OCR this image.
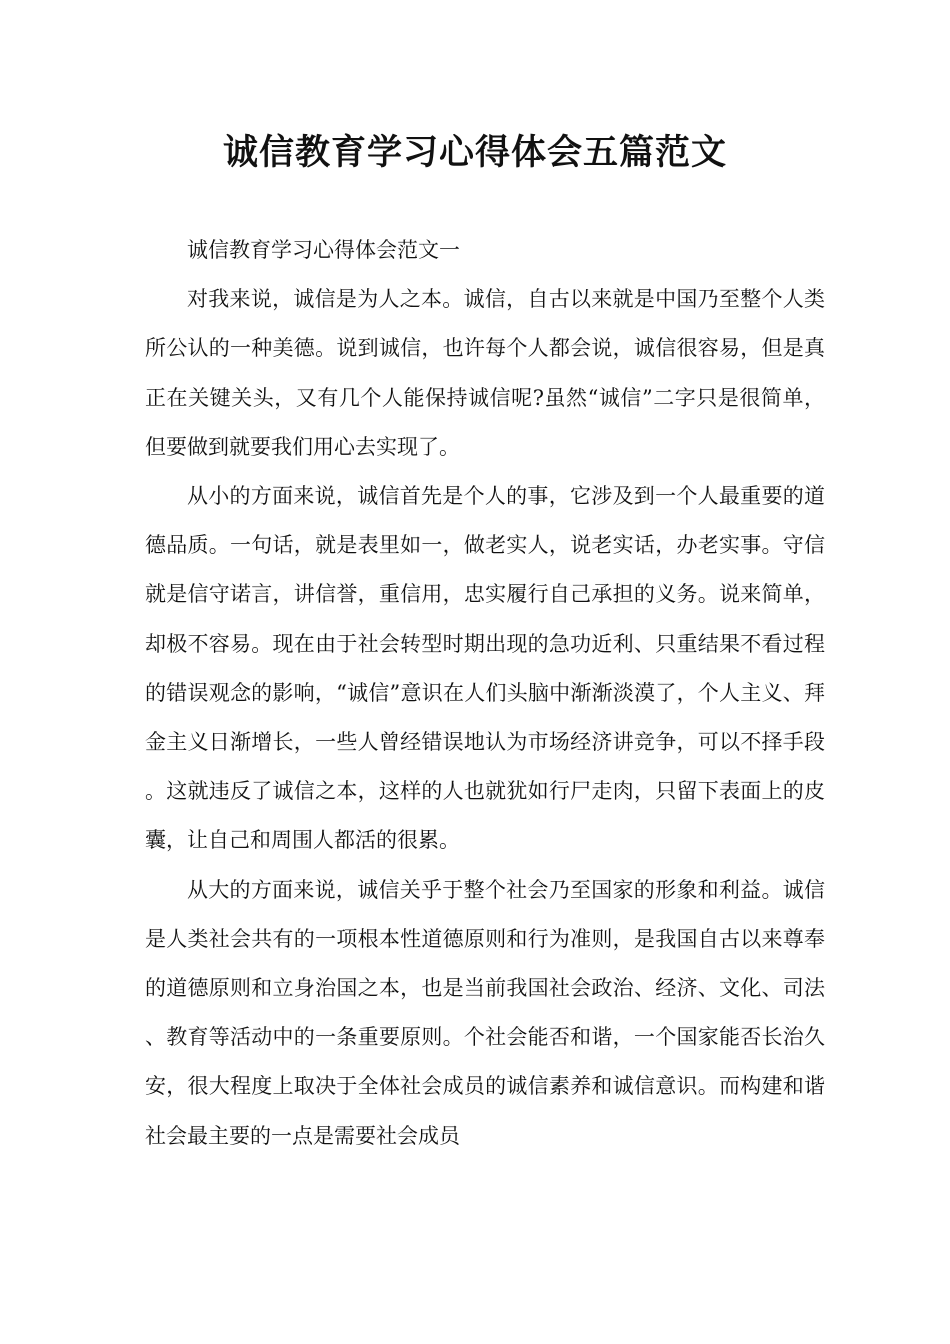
诚信教育学习心得体会五篇范文

诚信教育学习心得体会范文一

对我来说，诚信是为人之本。诚信，自古以来就是中国乃至整个人类所公认的一种美德。说到诚信，也许每个人都会说，诚信很容易，但是真正在关键关头，又有几个人能保持诚信呢?虽然“诚信”二字只是很简单，但要做到就要我们用心去实现了。

从小的方面来说，诚信首先是个人的事，它涉及到一个人最重要的道德品质。一句话，就是表里如一，做老实人，说老实话，办老实事。守信就是信守诺言，讲信誉，重信用，忠实履行自己承担的义务。说来简单，却极不容易。现在由于社会转型时期出现的急功近利、只重结果不看过程的错误观念的影响，“诚信”意识在人们头脑中渐渐淡漠了，个人主义、拜金主义日渐增长，一些人曾经错误地认为市场经济讲竞争，可以不择手段。这就违反了诚信之本，这样的人也就犹如行尸走肉，只留下表面上的皮囊，让自己和周围人都活的很累。

从大的方面来说，诚信关乎于整个社会乃至国家的形象和利益。诚信是人类社会共有的一项根本性道德原则和行为准则，是我国自古以来尊奉的道德原则和立身治国之本，也是当前我国社会政治、经济、文化、司法、教育等活动中的一条重要原则。个社会能否和谐，一个国家能否长治久安，很大程度上取决于全体社会成员的诚信素养和诚信意识。而构建和谐社会最主要的一点是需要社会成员
